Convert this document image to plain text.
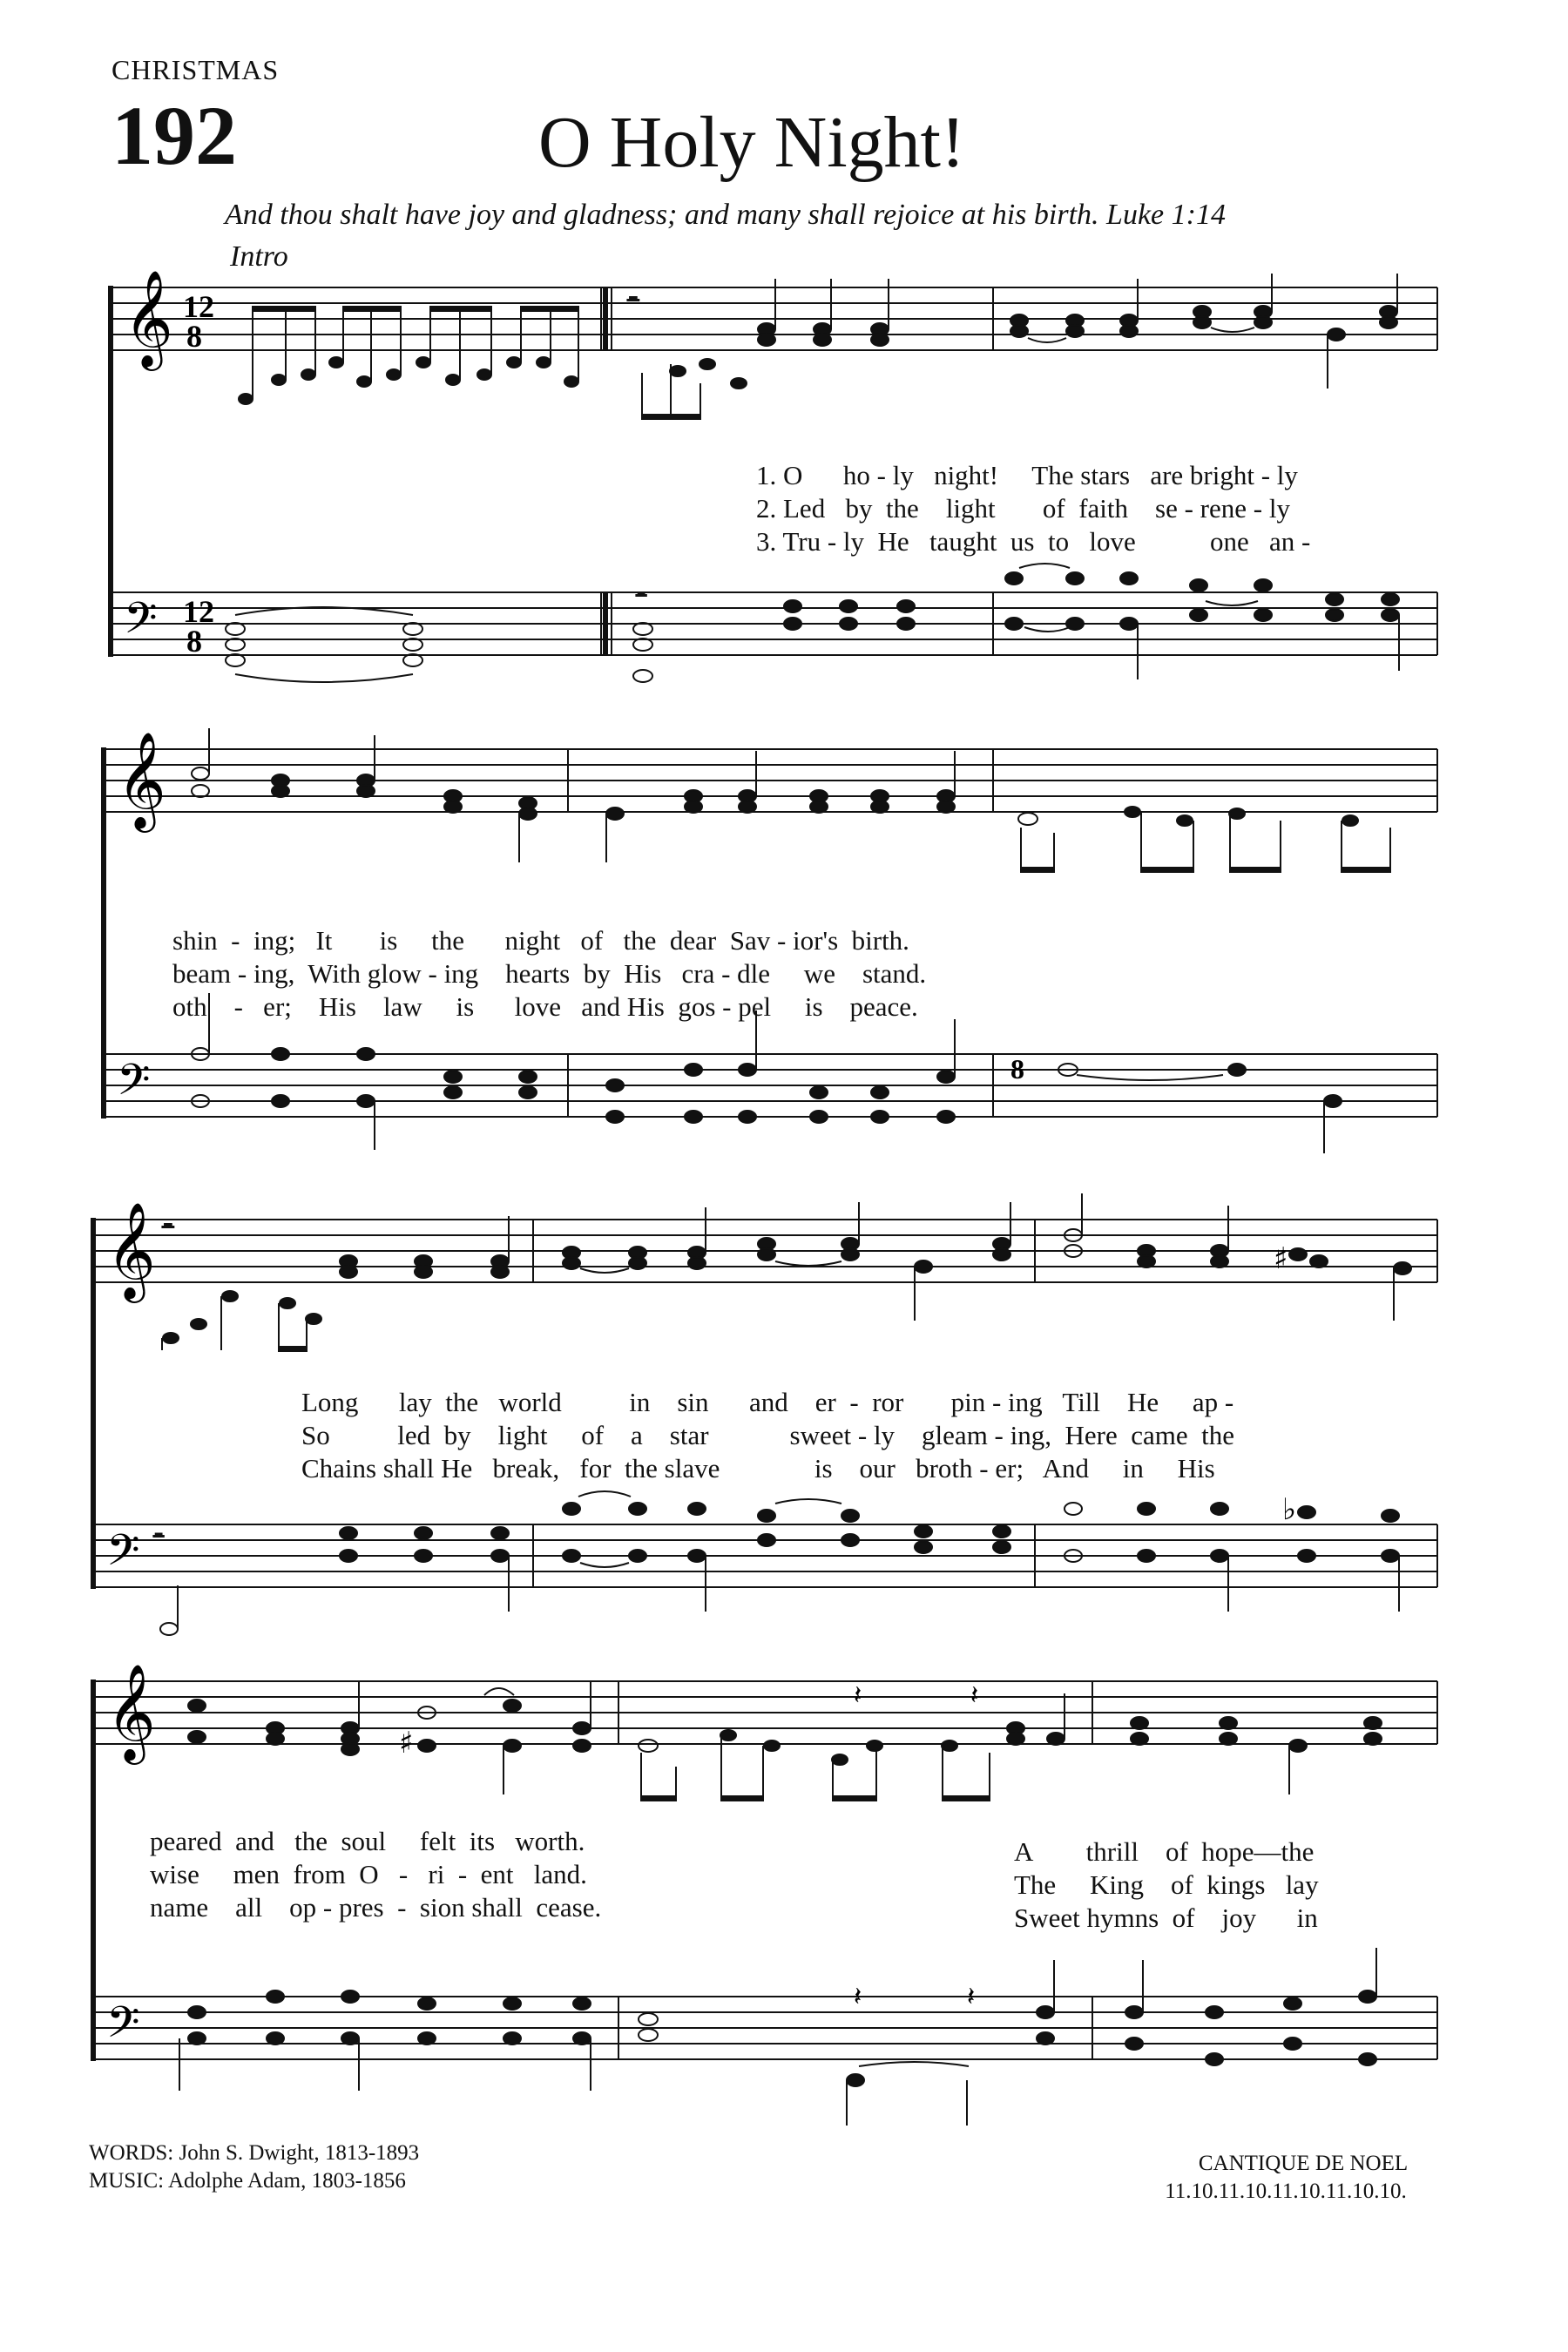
CHRISTMAS
192	O Holy Night!
And thou shalt have joy and gladness; and many shall rejoice at his birth. Luke 1:14
Intro
𝄞
𝄢
12
8
12
8
𝄼
𝄼
1. O      ho - ly   night!     The stars   are bright - ly
2. Led   by  the    light       of  faith    se - rene - ly
3. Tru - ly  He   taught  us  to   love           one   an -
𝄞
𝄢	8
shin  -  ing;   It       is     the      night   of   the  dear  Sav - ior's  birth.
beam - ing,  With glow - ing    hearts  by  His   cra - dle     we    stand.
oth    -   er;    His    law     is      love   and His  gos - pel     is    peace.
𝄞
𝄢
𝄼
♯
𝄼
♭
Long      lay  the   world          in    sin      and    er  -  ror       pin - ing   Till    He     ap -
So          led  by    light     of    a    star            sweet - ly    gleam - ing,  Here  came  the
Chains shall He   break,   for  the slave              is    our   broth - er;   And     in     His
𝄞
𝄢
♯
𝄽	𝄽
𝄽	𝄽
peared  and   the  soul     felt  its   worth.
wise     men  from  O   -   ri  -  ent   land.
name    all    op - pres  -  sion shall  cease.
A        thrill    of  hope—the
The     King    of  kings   lay
Sweet hymns  of    joy      in
WORDS: John S. Dwight, 1813-1893
MUSIC: Adolphe Adam, 1803-1856
CANTIQUE DE NOEL
11.10.11.10.11.10.11.10.10.
